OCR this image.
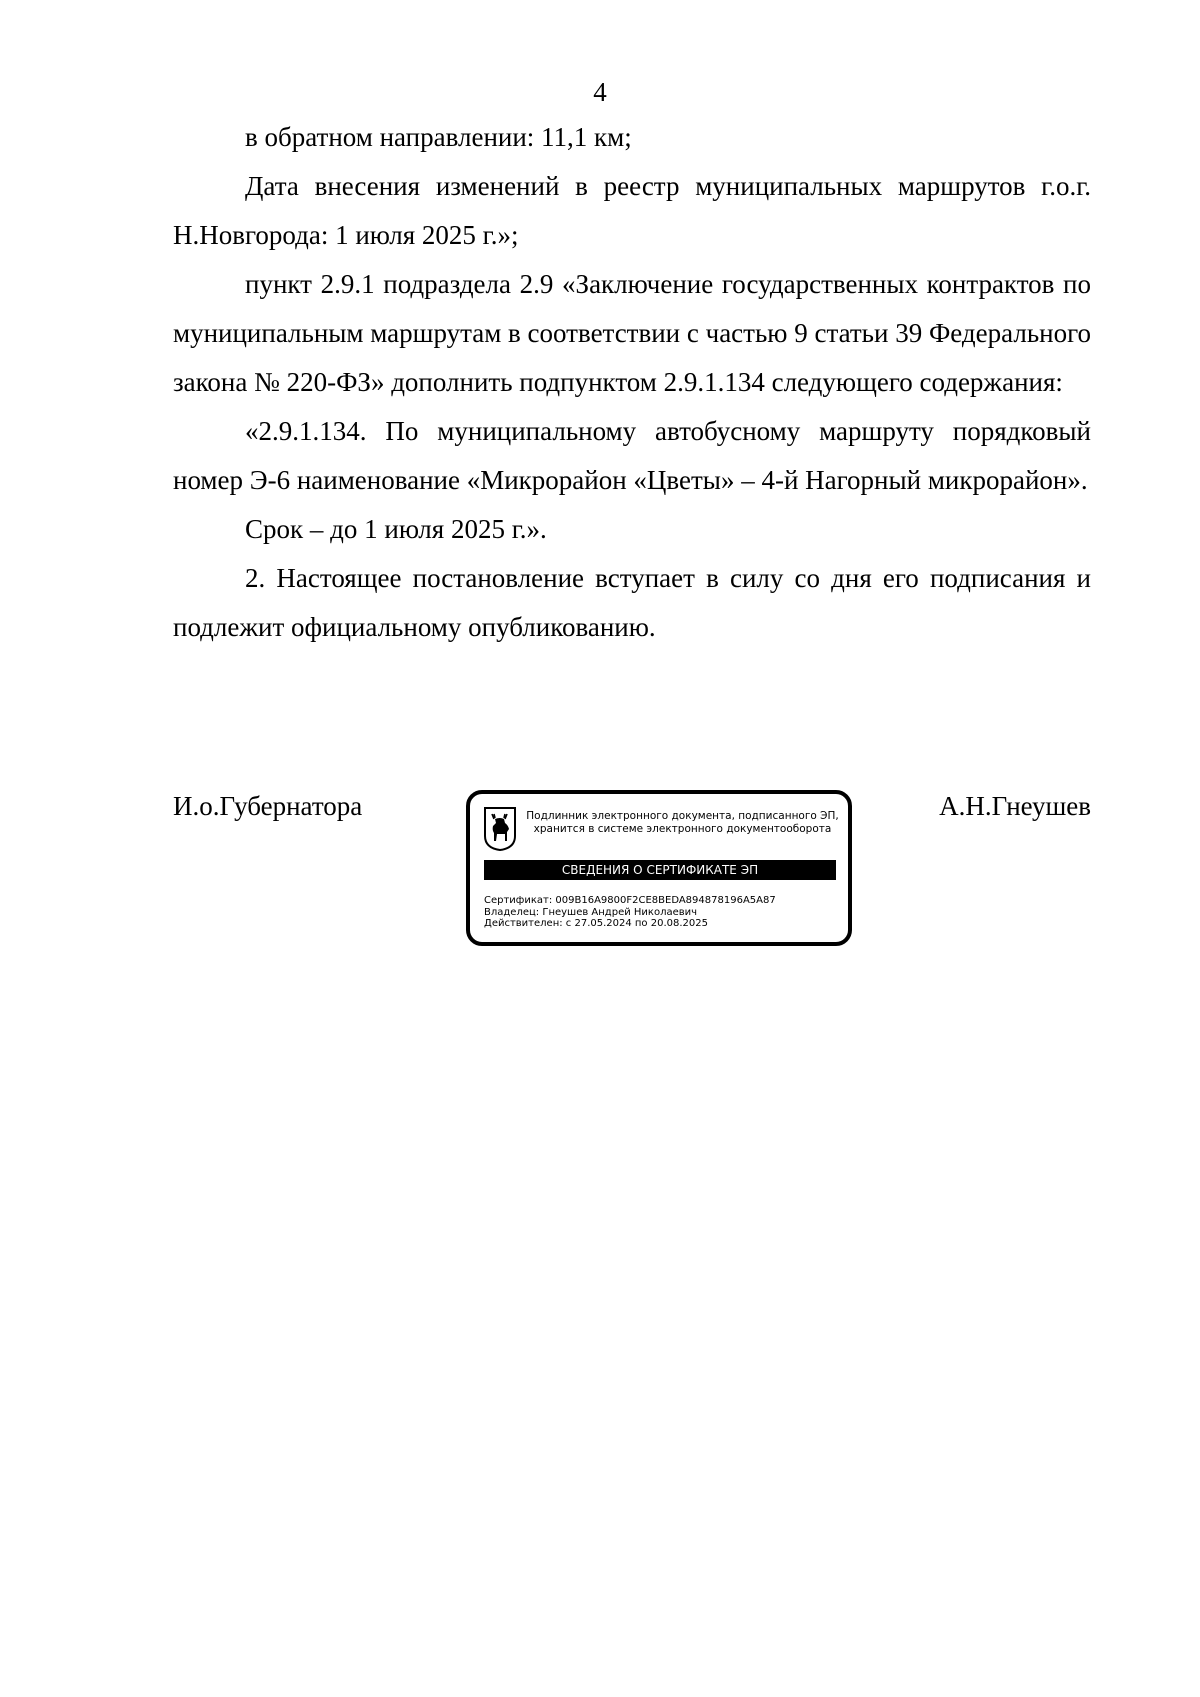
4

в обратном направлении: 11,1 км;

Дата внесения изменений в реестр муниципальных маршрутов г.о.г. Н.Новгорода: 1 июля 2025 г.»;

пункт 2.9.1 подраздела 2.9 «Заключение государственных контрактов по муниципальным маршрутам в соответствии с частью 9 статьи 39 Федерального закона № 220-ФЗ» дополнить подпунктом 2.9.1.134 следующего содержания:

«2.9.1.134. По муниципальному автобусному маршруту порядковый номер Э-6 наименование «Микрорайон «Цветы» – 4-й Нагорный микрорайон».

Срок – до 1 июля 2025 г.».

2. Настоящее постановление вступает в силу со дня его подписания и подлежит официальному опубликованию.

И.о.Губернатора	А.Н.Гнеушев
Подлинник электронного документа, подписанного ЭП,
хранится в системе электронного документооборота
СВЕДЕНИЯ О СЕРТИФИКАТЕ ЭП
Сертификат: 009B16A9800F2CE8BEDA894878196A5A87
Владелец: Гнеушев Андрей Николаевич
Действителен: с 27.05.2024 по 20.08.2025
